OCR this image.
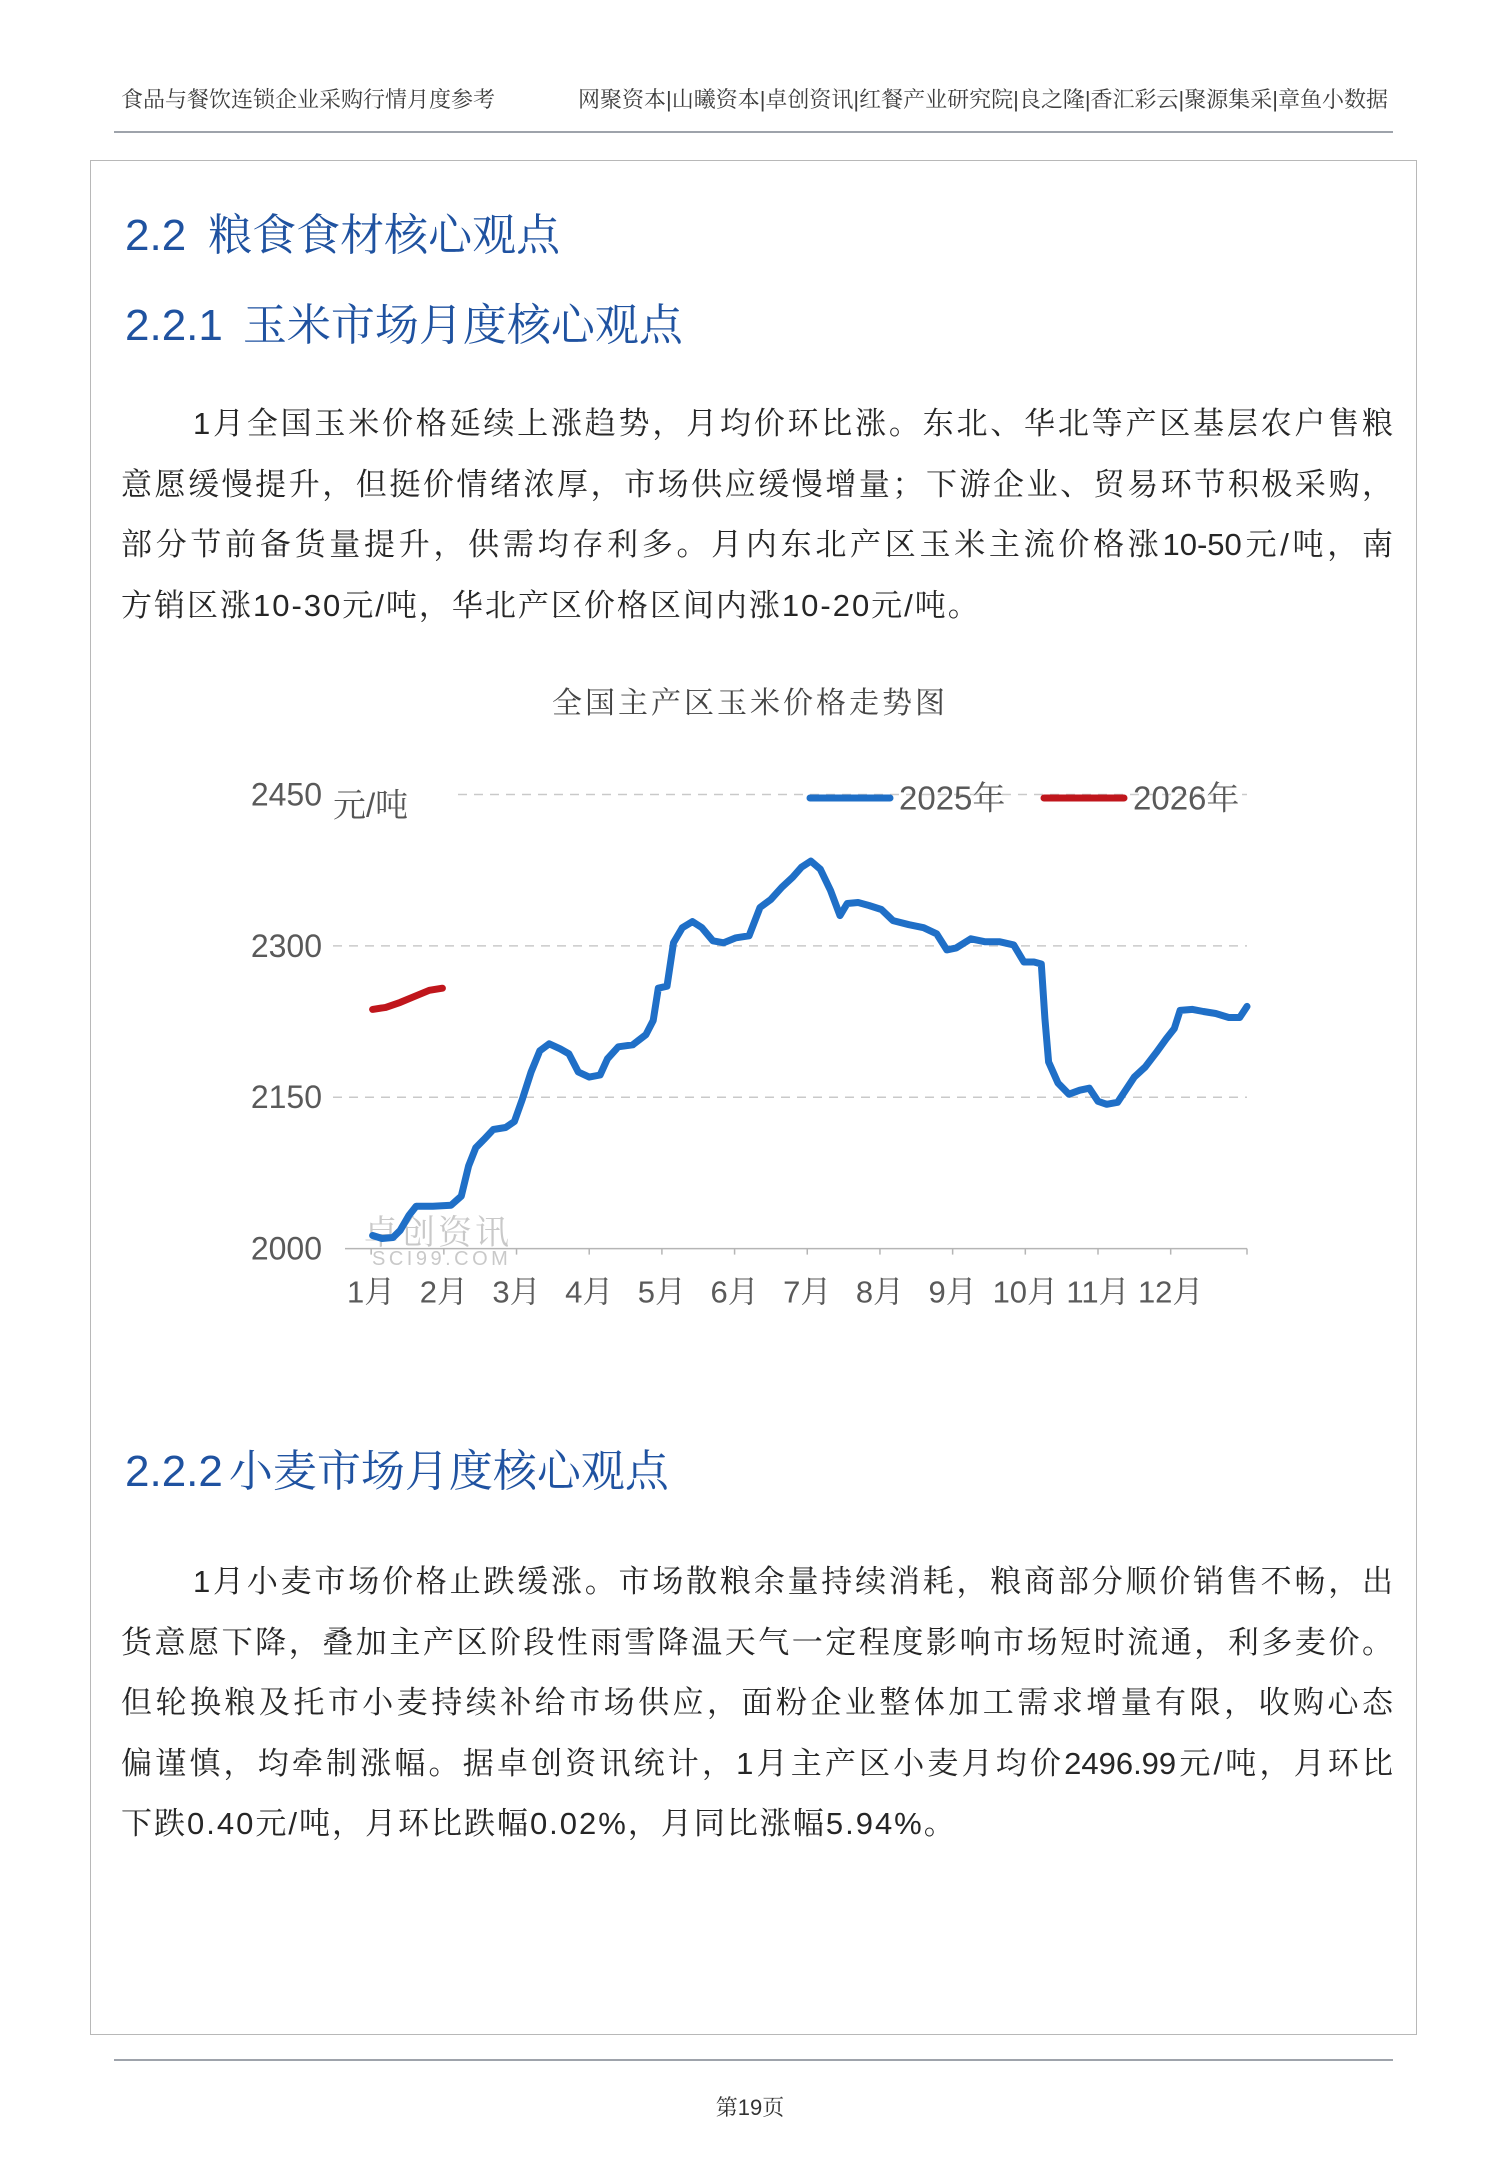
食品与餐饮连锁企业采购行情月度参考	网聚资本|山曦资本|卓创资讯|红餐产业研究院|良之隆|香汇彩云|聚源集采|章鱼小数据
2.2 粮食食材核心观点
2.2.1 玉米市场月度核心观点
1月全国玉米价格延续上涨趋势，月均价环比涨。东北、华北等产区基层农户售粮
意愿缓慢提升，但挺价情绪浓厚，市场供应缓慢增量；下游企业、贸易环节积极采购，
部分节前备货量提升，供需均存利多。月内东北产区玉米主流价格涨10-50元/吨，南
方销区涨10-30元/吨，华北产区价格区间内涨10-20元/吨。
全国主产区玉米价格走势图
卓创资讯
SCI99.COM
元/吨
2000
2150
2300
2450
1月 2月 3月 4月 5月 6月 7月 8月 9月 10月 11月 12月
2025年	2026年
2.2.2 小麦市场月度核心观点
1月小麦市场价格止跌缓涨。市场散粮余量持续消耗，粮商部分顺价销售不畅，出
货意愿下降，叠加主产区阶段性雨雪降温天气一定程度影响市场短时流通，利多麦价。
但轮换粮及托市小麦持续补给市场供应，面粉企业整体加工需求增量有限，收购心态
偏谨慎，均牵制涨幅。据卓创资讯统计，1月主产区小麦月均价2496.99元/吨，月环比
下跌0.40元/吨，月环比跌幅0.02%，月同比涨幅5.94%。
第19页
